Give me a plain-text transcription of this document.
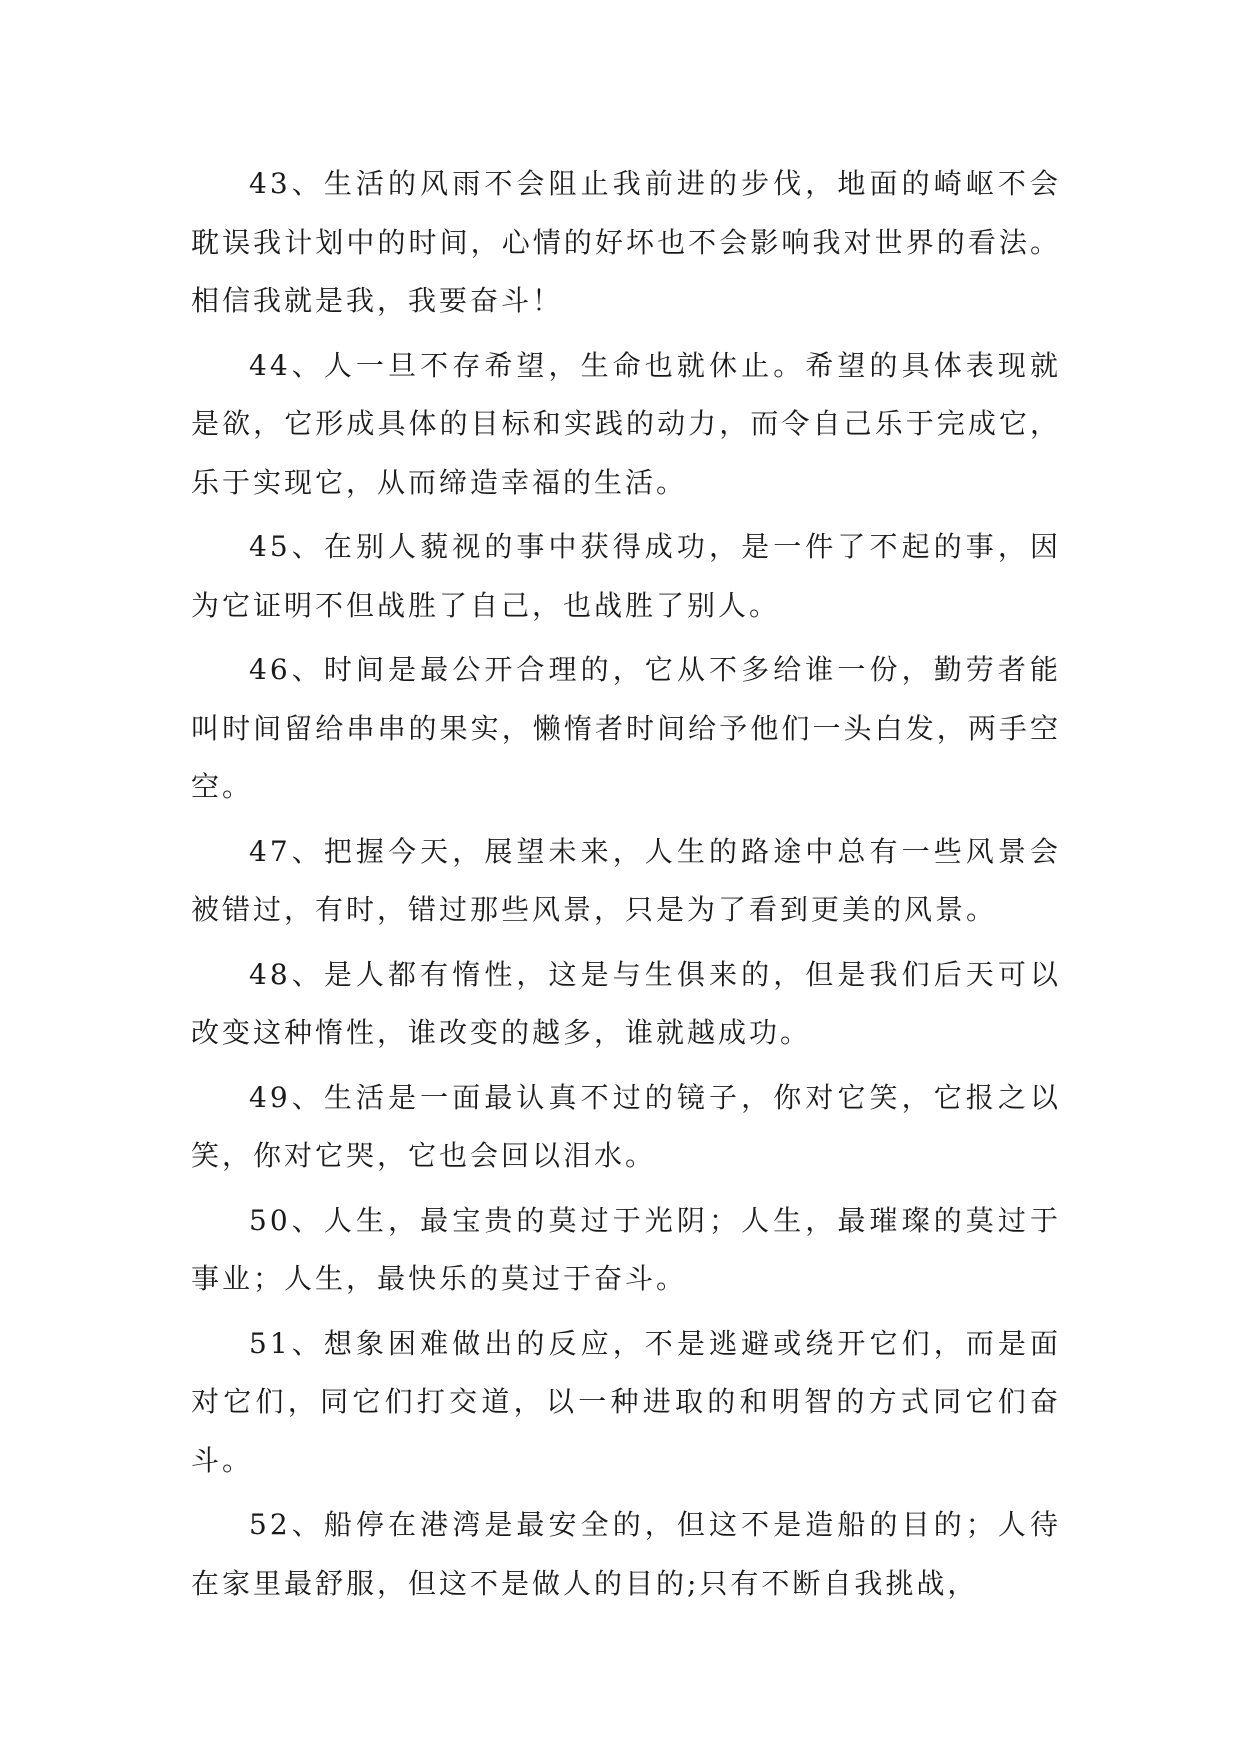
43、生活的风雨不会阻止我前进的步伐，地面的崎岖不会耽误我计划中的时间，心情的好坏也不会影响我对世界的看法。相信我就是我，我要奋斗！

44、人一旦不存希望，生命也就休止。希望的具体表现就是欲，它形成具体的目标和实践的动力，而令自己乐于完成它，乐于实现它，从而缔造幸福的生活。

45、在别人藐视的事中获得成功，是一件了不起的事，因为它证明不但战胜了自己，也战胜了别人。

46、时间是最公开合理的，它从不多给谁一份，勤劳者能叫时间留给串串的果实，懒惰者时间给予他们一头白发，两手空空。

47、把握今天，展望未来，人生的路途中总有一些风景会被错过，有时，错过那些风景，只是为了看到更美的风景。

48、是人都有惰性，这是与生俱来的，但是我们后天可以改变这种惰性，谁改变的越多，谁就越成功。

49、生活是一面最认真不过的镜子，你对它笑，它报之以笑，你对它哭，它也会回以泪水。

50、人生，最宝贵的莫过于光阴；人生，最璀璨的莫过于事业；人生，最快乐的莫过于奋斗。

51、想象困难做出的反应，不是逃避或绕开它们，而是面对它们，同它们打交道，以一种进取的和明智的方式同它们奋斗。

52、船停在港湾是最安全的，但这不是造船的目的；人待在家里最舒服，但这不是做人的目的;只有不断自我挑战，
